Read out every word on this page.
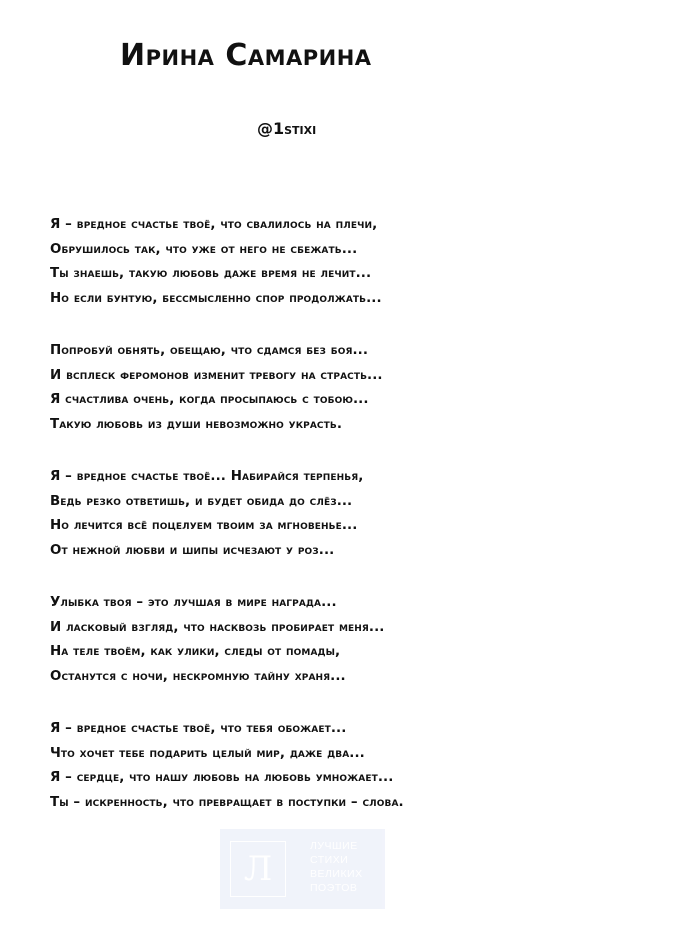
Ирина Самарина
@1stixi
Я – вредное счастье твоё, что свалилось на плечи,
Обрушилось так, что уже от него не сбежать...
Ты знаешь, такую любовь даже время не лечит...
Но если бунтую, бессмысленно спор продолжать...
Попробуй обнять, обещаю, что сдамся без боя...
И всплеск феромонов изменит тревогу на страсть...
Я счастлива очень, когда просыпаюсь с тобою...
Такую любовь из души невозможно украсть.
Я – вредное счастье твоё... Набирайся терпенья,
Ведь резко ответишь, и будет обида до слёз...
Но лечится всё поцелуем твоим за мгновенье...
От нежной любви и шипы исчезают у роз...
Улыбка твоя – это лучшая в мире награда...
И ласковый взгляд, что насквозь пробирает меня...
На теле твоём, как улики, следы от помады,
Останутся с ночи, нескромную тайну храня...
Я – вредное счастье твоё, что тебя обожает...
Что хочет тебе подарить целый мир, даже два...
Я – сердце, что нашу любовь на любовь умножает...
Ты – искренность, что превращает в поступки – слова.
Л
ЛУЧШИЕ
СТИХИ
ВЕЛИКИХ
ПОЭТОВ
